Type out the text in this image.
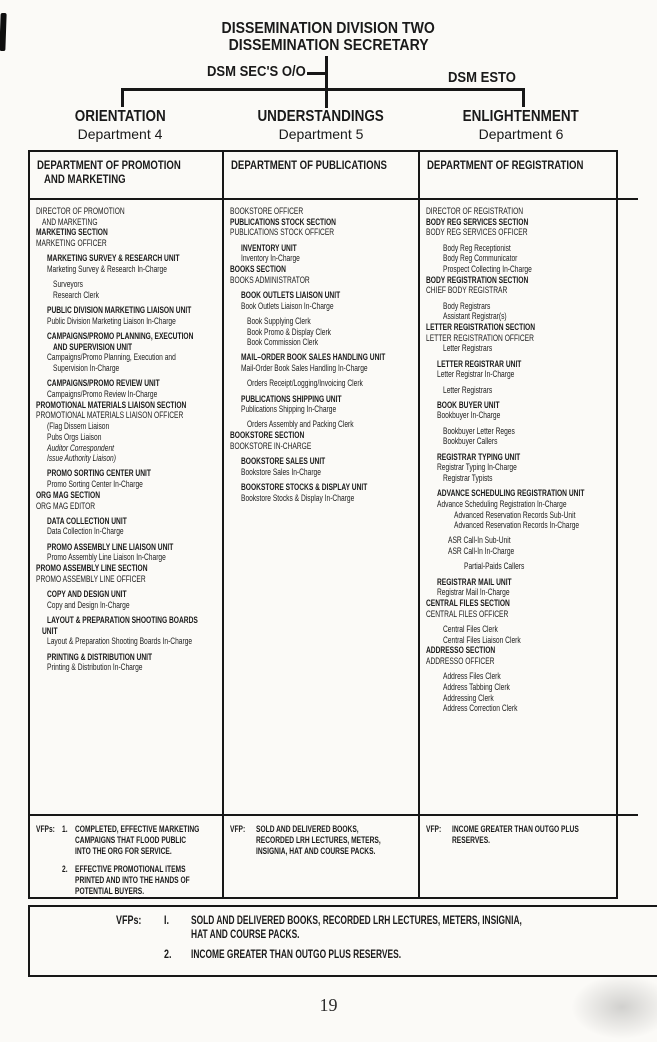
DISSEMINATION DIVISION TWO
DISSEMINATION SECRETARY
DSM SEC'S O/O	DSM ESTO
ORIENTATION
Department 4
UNDERSTANDINGS
Department 5
ENLIGHTENMENT
Department 6
DEPARTMENT OF PROMOTION
AND MARKETING
DIRECTOR OF PROMOTION
AND MARKETING
MARKETING SECTION
MARKETING OFFICER
MARKETING SURVEY & RESEARCH UNIT
Marketing Survey & Research In-Charge
Surveyors
Research Clerk
PUBLIC DIVISION MARKETING LIAISON UNIT
Public Division Marketing Liaison In-Charge
CAMPAIGNS/PROMO PLANNING, EXECUTION
AND SUPERVISION UNIT
Campaigns/Promo Planning, Execution and
Supervision In-Charge
CAMPAIGNS/PROMO REVIEW UNIT
Campaigns/Promo Review In-Charge
PROMOTIONAL MATERIALS LIAISON SECTION
PROMOTIONAL MATERIALS LIAISON OFFICER
(Flag Dissem Liaison
Pubs Orgs Liaison
Auditor Correspondent
Issue Authority Liaison)
PROMO SORTING CENTER UNIT
Promo Sorting Center In-Charge
ORG MAG SECTION
ORG MAG EDITOR
DATA COLLECTION UNIT
Data Collection In-Charge
PROMO ASSEMBLY LINE LIAISON UNIT
Promo Assembly Line Liaison In-Charge
PROMO ASSEMBLY LINE SECTION
PROMO ASSEMBLY LINE OFFICER
COPY AND DESIGN UNIT
Copy and Design In-Charge
LAYOUT & PREPARATION SHOOTING BOARDS
UNIT
Layout & Preparation Shooting Boards In-Charge
PRINTING & DISTRIBUTION UNIT
Printing & Distribution In-Charge
VFPs: 1. COMPLETED, EFFECTIVE MARKETING
CAMPAIGNS THAT FLOOD PUBLIC
INTO THE ORG FOR SERVICE.
2. EFFECTIVE PROMOTIONAL ITEMS
PRINTED AND INTO THE HANDS OF
POTENTIAL BUYERS.
DEPARTMENT OF PUBLICATIONS
BOOKSTORE OFFICER
PUBLICATIONS STOCK SECTION
PUBLICATIONS STOCK OFFICER
INVENTORY UNIT
Inventory In-Charge
BOOKS SECTION
BOOKS ADMINISTRATOR
BOOK OUTLETS LIAISON UNIT
Book Outlets Liaison In-Charge
Book Supplying Clerk
Book Promo & Display Clerk
Book Commission Clerk
MAIL–ORDER BOOK SALES HANDLING UNIT
Mail-Order Book Sales Handling In-Charge
Orders Receipt/Logging/Invoicing Clerk
PUBLICATIONS SHIPPING UNIT
Publications Shipping In-Charge
Orders Assembly and Packing Clerk
BOOKSTORE SECTION
BOOKSTORE IN-CHARGE
BOOKSTORE SALES UNIT
Bookstore Sales In-Charge
BOOKSTORE STOCKS & DISPLAY UNIT
Bookstore Stocks & Display In-Charge
VFP:	SOLD AND DELIVERED BOOKS,
RECORDED LRH LECTURES, METERS,
INSIGNIA, HAT AND COURSE PACKS.
DEPARTMENT OF REGISTRATION
DIRECTOR OF REGISTRATION
BODY REG SERVICES SECTION
BODY REG SERVICES OFFICER
Body Reg Receptionist
Body Reg Communicator
Prospect Collecting In-Charge
BODY REGISTRATION SECTION
CHIEF BODY REGISTRAR
Body Registrars
Assistant Registrar(s)
LETTER REGISTRATION SECTION
LETTER REGISTRATION OFFICER
Letter Registrars
LETTER REGISTRAR UNIT
Letter Registrar In-Charge
Letter Registrars
BOOK BUYER UNIT
Bookbuyer In-Charge
Bookbuyer Letter Reges
Bookbuyer Callers
REGISTRAR TYPING UNIT
Registrar Typing In-Charge
Registrar Typists
ADVANCE SCHEDULING REGISTRATION UNIT
Advance Scheduling Registration In-Charge
Advanced Reservation Records Sub-Unit
Advanced Reservation Records In-Charge
ASR Call-In Sub-Unit
ASR Call-In In-Charge
Partial-Paids Callers
REGISTRAR MAIL UNIT
Registrar Mail In-Charge
CENTRAL FILES SECTION
CENTRAL FILES OFFICER
Central Files Clerk
Central Files Liaison Clerk
ADDRESSO SECTION
ADDRESSO OFFICER
Address Files Clerk
Address Tabbing Clerk
Addressing Clerk
Address Correction Clerk
VFP:	INCOME GREATER THAN OUTGO PLUS
RESERVES.
VFPs:	I.	SOLD AND DELIVERED BOOKS, RECORDED LRH LECTURES, METERS, INSIGNIA,
HAT AND COURSE PACKS.
2.	INCOME GREATER THAN OUTGO PLUS RESERVES.
19
